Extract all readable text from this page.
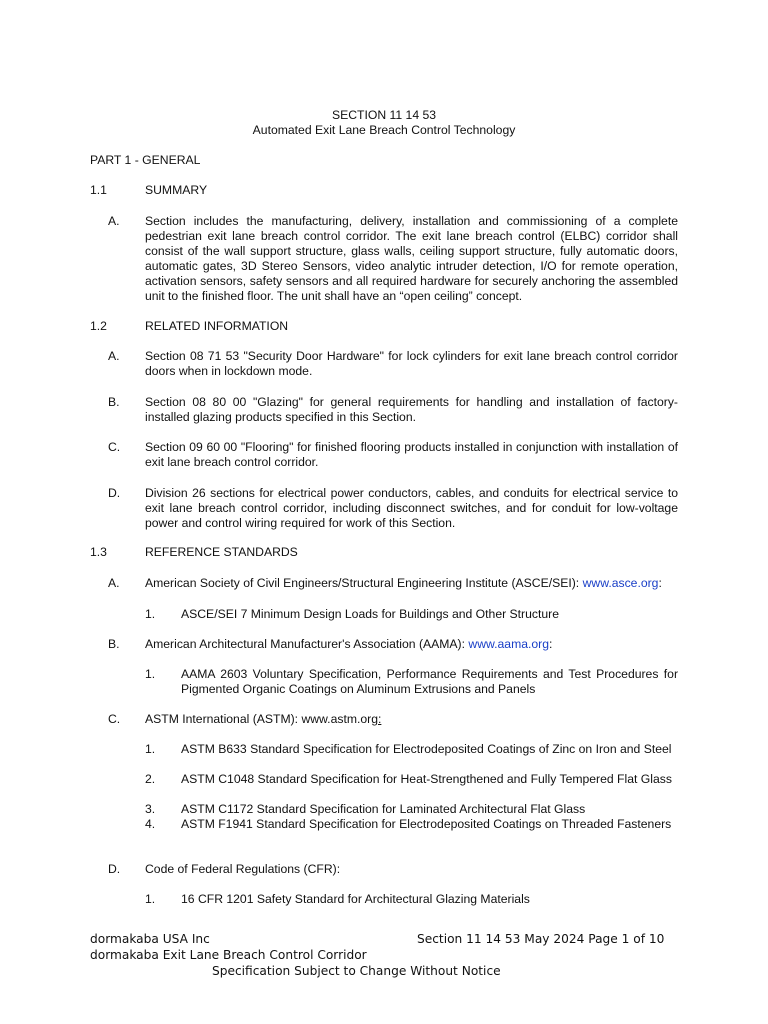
SECTION 11 14 53
Automated Exit Lane Breach Control Technology
PART 1 - GENERAL
1.1	SUMMARY
A. Section includes the manufacturing, delivery, installation and commissioning of a complete pedestrian exit lane breach control corridor. The exit lane breach control (ELBC) corridor shall consist of the wall support structure, glass walls, ceiling support structure, fully automatic doors, automatic gates, 3D Stereo Sensors, video analytic intruder detection, I/O for remote operation, activation sensors, safety sensors and all required hardware for securely anchoring the assembled unit to the finished floor. The unit shall have an “open ceiling” concept.
1.2	RELATED INFORMATION
A. Section 08 71 53 "Security Door Hardware" for lock cylinders for exit lane breach control corridor doors when in lockdown mode.
B. Section 08 80 00 "Glazing" for general requirements for handling and installation of factory-installed glazing products specified in this Section.
C. Section 09 60 00 "Flooring" for finished flooring products installed in conjunction with installation of exit lane breach control corridor.
D. Division 26 sections for electrical power conductors, cables, and conduits for electrical service to exit lane breach control corridor, including disconnect switches, and for conduit for low-voltage power and control wiring required for work of this Section.
1.3	REFERENCE STANDARDS
A. American Society of Civil Engineers/Structural Engineering Institute (ASCE/SEI): www.asce.org:
1. ASCE/SEI 7 Minimum Design Loads for Buildings and Other Structure
B. American Architectural Manufacturer's Association (AAMA): www.aama.org:
1. AAMA 2603 Voluntary Specification, Performance Requirements and Test Procedures for Pigmented Organic Coatings on Aluminum Extrusions and Panels
C. ASTM International (ASTM): www.astm.org:
1. ASTM B633 Standard Specification for Electrodeposited Coatings of Zinc on Iron and Steel
2. ASTM C1048 Standard Specification for Heat-Strengthened and Fully Tempered Flat Glass
3. ASTM C1172 Standard Specification for Laminated Architectural Flat Glass
4. ASTM F1941 Standard Specification for Electrodeposited Coatings on Threaded Fasteners
D. Code of Federal Regulations (CFR):
1. 16 CFR 1201 Safety Standard for Architectural Glazing Materials
dormakaba USA Inc	Section 11 14 53 May 2024 Page 1 of 10
dormakaba Exit Lane Breach Control Corridor
Specification Subject to Change Without Notice
